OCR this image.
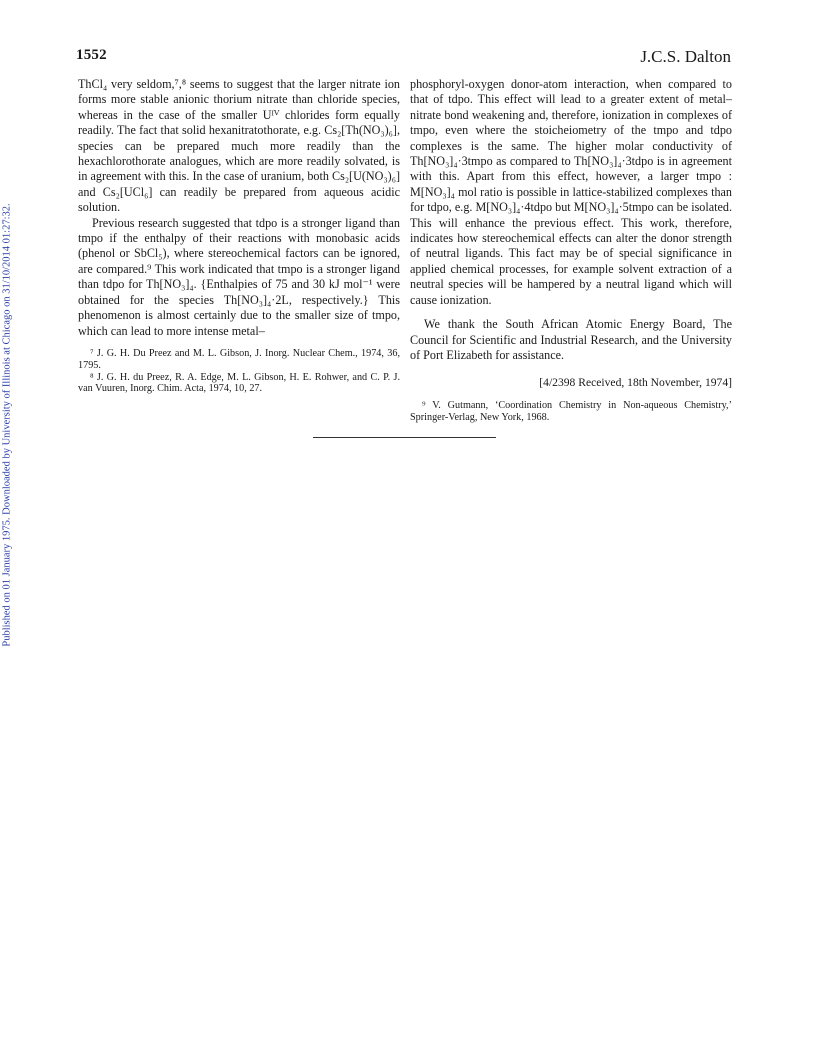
Published on 01 January 1975. Downloaded by University of Illinois at Chicago on 31/10/2014 01:27:32.
1552	J.C.S. Dalton

ThCl₄ very seldom,⁷,⁸ seems to suggest that the larger nitrate ion forms more stable anionic thorium nitrate than chloride species, whereas in the case of the smaller Uᴵⱽ chlorides form equally readily. The fact that solid hexanitratothorate, e.g. Cs₂[Th(NO₃)₆], species can be prepared much more readily than the hexachlorothorate analogues, which are more readily solvated, is in agreement with this. In the case of uranium, both Cs₂[U(NO₃)₆] and Cs₂[UCl₆] can readily be prepared from aqueous acidic solution.

Previous research suggested that tdpo is a stronger ligand than tmpo if the enthalpy of their reactions with monobasic acids (phenol or SbCl₅), where stereochemical factors can be ignored, are compared.⁹ This work indicated that tmpo is a stronger ligand than tdpo for Th[NO₃]₄. {Enthalpies of 75 and 30 kJ mol⁻¹ were obtained for the species Th[NO₃]₄·2L, respectively.} This phenomenon is almost certainly due to the smaller size of tmpo, which can lead to more intense metal–

⁷ J. G. H. Du Preez and M. L. Gibson, J. Inorg. Nuclear Chem., 1974, 36, 1795.

⁸ J. G. H. du Preez, R. A. Edge, M. L. Gibson, H. E. Rohwer, and C. P. J. van Vuuren, Inorg. Chim. Acta, 1974, 10, 27.

phosphoryl-oxygen donor-atom interaction, when compared to that of tdpo. This effect will lead to a greater extent of metal–nitrate bond weakening and, therefore, ionization in complexes of tmpo, even where the stoicheiometry of the tmpo and tdpo complexes is the same. The higher molar conductivity of Th[NO₃]₄·3tmpo as compared to Th[NO₃]₄·3tdpo is in agreement with this. Apart from this effect, however, a larger tmpo : M[NO₃]₄ mol ratio is possible in lattice-stabilized complexes than for tdpo, e.g. M[NO₃]₄·4tdpo but M[NO₃]₄·5tmpo can be isolated. This will enhance the previous effect. This work, therefore, indicates how stereochemical effects can alter the donor strength of neutral ligands. This fact may be of special significance in applied chemical processes, for example solvent extraction of a neutral species will be hampered by a neutral ligand which will cause ionization.

We thank the South African Atomic Energy Board, The Council for Scientific and Industrial Research, and the University of Port Elizabeth for assistance.

[4/2398 Received, 18th November, 1974]

⁹ V. Gutmann, ‘Coordination Chemistry in Non-aqueous Chemistry,’ Springer-Verlag, New York, 1968.
